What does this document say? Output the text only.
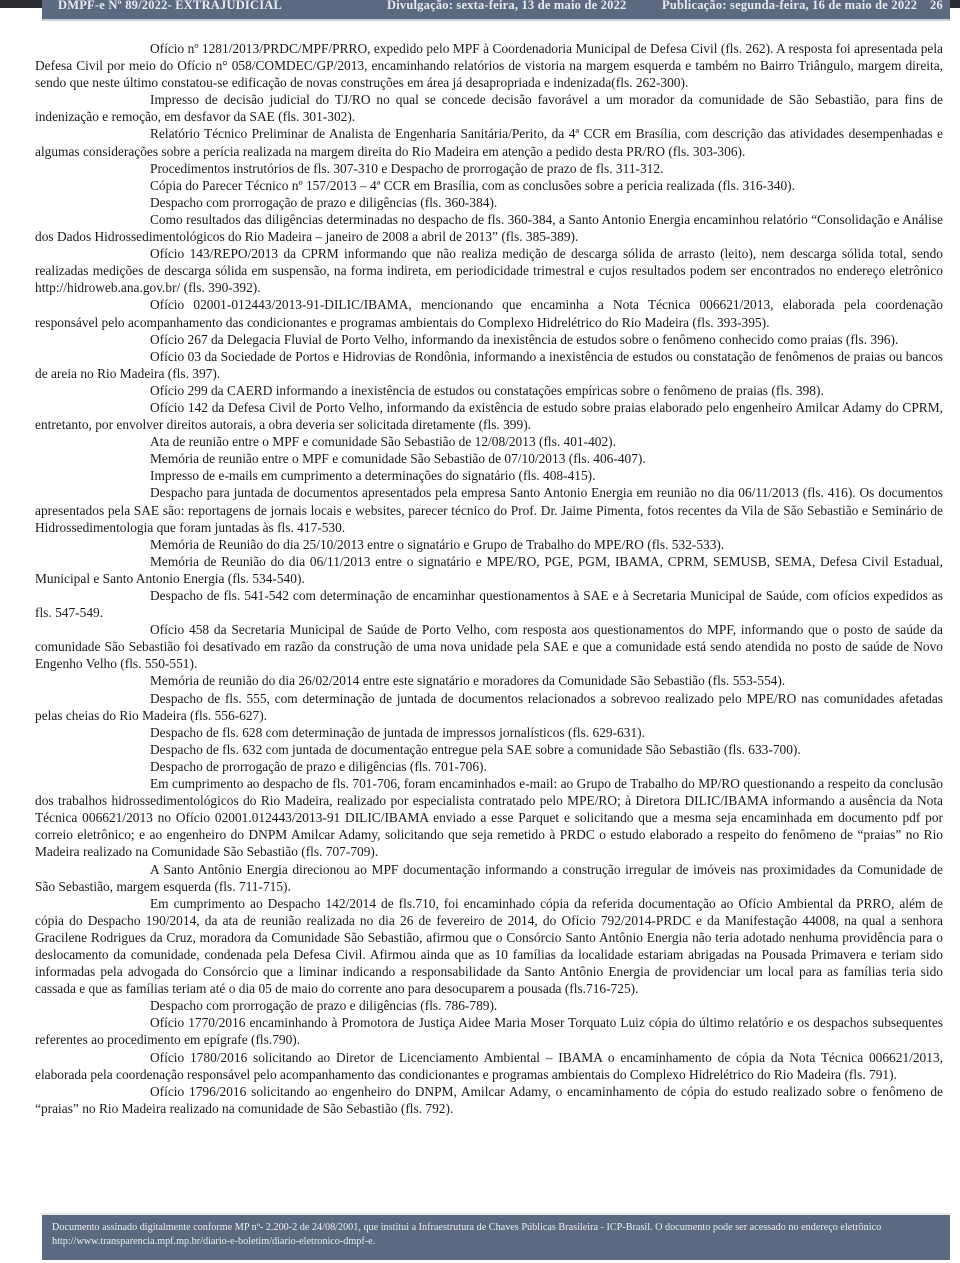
DMPF-e Nº 89/2022- EXTRAJUDICIAL	Divulgação: sexta-feira, 13 de maio de 2022	Publicação: segunda-feira, 16 de maio de 2022 26

Ofício nº 1281/2013/PRDC/MPF/PRRO, expedido pelo MPF à Coordenadoria Municipal de Defesa Civil (fls. 262). A resposta foi apresentada pela Defesa Civil por meio do Ofício n° 058/COMDEC/GP/2013, encaminhando relatórios de vistoria na margem esquerda e também no Bairro Triângulo, margem direita, sendo que neste último constatou-se edificação de novas construções em área já desapropriada e indenizada(fls. 262-300).

Impresso de decisão judicial do TJ/RO no qual se concede decisão favorável a um morador da comunidade de São Sebastião, para fins de indenização e remoção, em desfavor da SAE (fls. 301-302).

Relatório Técnico Preliminar de Analista de Engenharia Sanitária/Perito, da 4ª CCR em Brasília, com descrição das atividades desempenhadas e algumas considerações sobre a perícia realizada na margem direita do Rio Madeira em atenção a pedido desta PR/RO (fls. 303-306).

Procedimentos instrutórios de fls. 307-310 e Despacho de prorrogação de prazo de fls. 311-312.

Cópia do Parecer Técnico nº 157/2013 – 4ª CCR em Brasília, com as conclusões sobre a perícia realizada (fls. 316-340).

Despacho com prorrogação de prazo e diligências (fls. 360-384).

Como resultados das diligências determinadas no despacho de fls. 360-384, a Santo Antonio Energia encaminhou relatório “Consolidação e Análise dos Dados Hidrossedimentológicos do Rio Madeira – janeiro de 2008 a abril de 2013” (fls. 385-389).

Ofício 143/REPO/2013 da CPRM informando que não realiza medição de descarga sólida de arrasto (leito), nem descarga sólida total, sendo realizadas medições de descarga sólida em suspensão, na forma indireta, em periodicidade trimestral e cujos resultados podem ser encontrados no endereço eletrônico http://hidroweb.ana.gov.br/ (fls. 390-392).

Ofício 02001-012443/2013-91-DILIC/IBAMA, mencionando que encaminha a Nota Técnica 006621/2013, elaborada pela coordenação responsável pelo acompanhamento das condicionantes e programas ambientais do Complexo Hidrelétrico do Rio Madeira (fls. 393-395).

Ofício 267 da Delegacia Fluvial de Porto Velho, informando da inexistência de estudos sobre o fenômeno conhecido como praias (fls. 396).

Ofício 03 da Sociedade de Portos e Hidrovias de Rondônia, informando a inexistência de estudos ou constatação de fenômenos de praias ou bancos de areia no Rio Madeira (fls. 397).

Ofício 299 da CAERD informando a inexistência de estudos ou constatações empíricas sobre o fenômeno de praias (fls. 398).

Ofício 142 da Defesa Civil de Porto Velho, informando da existência de estudo sobre praias elaborado pelo engenheiro Amilcar Adamy do CPRM, entretanto, por envolver direitos autorais, a obra deveria ser solicitada diretamente (fls. 399).

Ata de reunião entre o MPF e comunidade São Sebastião de 12/08/2013 (fls. 401-402).

Memória de reunião entre o MPF e comunidade São Sebastião de 07/10/2013 (fls. 406-407).

Impresso de e-mails em cumprimento a determinações do signatário (fls. 408-415).

Despacho para juntada de documentos apresentados pela empresa Santo Antonio Energia em reunião no dia 06/11/2013 (fls. 416). Os documentos apresentados pela SAE são: reportagens de jornais locais e websites, parecer técnico do Prof. Dr. Jaime Pimenta, fotos recentes da Vila de São Sebastião e Seminário de Hidrossedimentologia que foram juntadas às fls. 417-530.

Memória de Reunião do dia 25/10/2013 entre o signatário e Grupo de Trabalho do MPE/RO (fls. 532-533).

Memória de Reunião do dia 06/11/2013 entre o signatário e MPE/RO, PGE, PGM, IBAMA, CPRM, SEMUSB, SEMA, Defesa Civil Estadual, Municipal e Santo Antonio Energia (fls. 534-540).

Despacho de fls. 541-542 com determinação de encaminhar questionamentos à SAE e à Secretaria Municipal de Saúde, com ofícios expedidos as fls. 547-549.

Ofício 458 da Secretaria Municipal de Saúde de Porto Velho, com resposta aos questionamentos do MPF, informando que o posto de saúde da comunidade São Sebastião foi desativado em razão da construção de uma nova unidade pela SAE e que a comunidade está sendo atendida no posto de saúde de Novo Engenho Velho (fls. 550-551).

Memória de reunião do dia 26/02/2014 entre este signatário e moradores da Comunidade São Sebastião (fls. 553-554).

Despacho de fls. 555, com determinação de juntada de documentos relacionados a sobrevoo realizado pelo MPE/RO nas comunidades afetadas pelas cheias do Rio Madeira (fls. 556-627).

Despacho de fls. 628 com determinação de juntada de impressos jornalísticos (fls. 629-631).

Despacho de fls. 632 com juntada de documentação entregue pela SAE sobre a comunidade São Sebastião (fls. 633-700).

Despacho de prorrogação de prazo e diligências (fls. 701-706).

Em cumprimento ao despacho de fls. 701-706, foram encaminhados e-mail: ao Grupo de Trabalho do MP/RO questionando a respeito da conclusão dos trabalhos hidrossedimentológicos do Rio Madeira, realizado por especialista contratado pelo MPE/RO; à Diretora DILIC/IBAMA informando a ausência da Nota Técnica 006621/2013 no Ofício 02001.012443/2013-91 DILIC/IBAMA enviado a esse Parquet e solicitando que a mesma seja encaminhada em documento pdf por correio eletrônico; e ao engenheiro do DNPM Amilcar Adamy, solicitando que seja remetido à PRDC o estudo elaborado a respeito do fenômeno de “praias” no Rio Madeira realizado na Comunidade São Sebastião (fls. 707-709).

A Santo Antônio Energia direcionou ao MPF documentação informando a construção irregular de imóveis nas proximidades da Comunidade de São Sebastião, margem esquerda (fls. 711-715).

Em cumprimento ao Despacho 142/2014 de fls.710, foi encaminhado cópia da referida documentação ao Ofício Ambiental da PRRO, além de cópia do Despacho 190/2014, da ata de reunião realizada no dia 26 de fevereiro de 2014, do Ofício 792/2014-PRDC e da Manifestação 44008, na qual a senhora Gracilene Rodrigues da Cruz, moradora da Comunidade São Sebastião, afirmou que o Consórcio Santo Antônio Energia não teria adotado nenhuma providência para o deslocamento da comunidade, condenada pela Defesa Civil. Afirmou ainda que as 10 famílias da localidade estariam abrigadas na Pousada Primavera e teriam sido informadas pela advogada do Consórcio que a liminar indicando a responsabilidade da Santo Antônio Energia de providenciar um local para as famílias teria sido cassada e que as famílias teriam até o dia 05 de maio do corrente ano para desocuparem a pousada (fls.716-725).

Despacho com prorrogação de prazo e diligências (fls. 786-789).

Ofício 1770/2016 encaminhando à Promotora de Justiça Aidee Maria Moser Torquato Luiz cópia do último relatório e os despachos subsequentes referentes ao procedimento em epígrafe (fls.790).

Ofício 1780/2016 solicitando ao Diretor de Licenciamento Ambiental – IBAMA o encaminhamento de cópia da Nota Técnica 006621/2013, elaborada pela coordenação responsável pelo acompanhamento das condicionantes e programas ambientais do Complexo Hidrelétrico do Rio Madeira (fls. 791).

Ofício 1796/2016 solicitando ao engenheiro do DNPM, Amilcar Adamy, o encaminhamento de cópia do estudo realizado sobre o fenômeno de “praias” no Rio Madeira realizado na comunidade de São Sebastião (fls. 792).

Documento assinado digitalmente conforme MP nº- 2.200-2 de 24/08/2001, que institui a Infraestrutura de Chaves Públicas Brasileira - ICP-Brasil. O documento pode ser acessado no endereço eletrônico http://www.transparencia.mpf.mp.br/diario-e-boletim/diario-eletronico-dmpf-e.
